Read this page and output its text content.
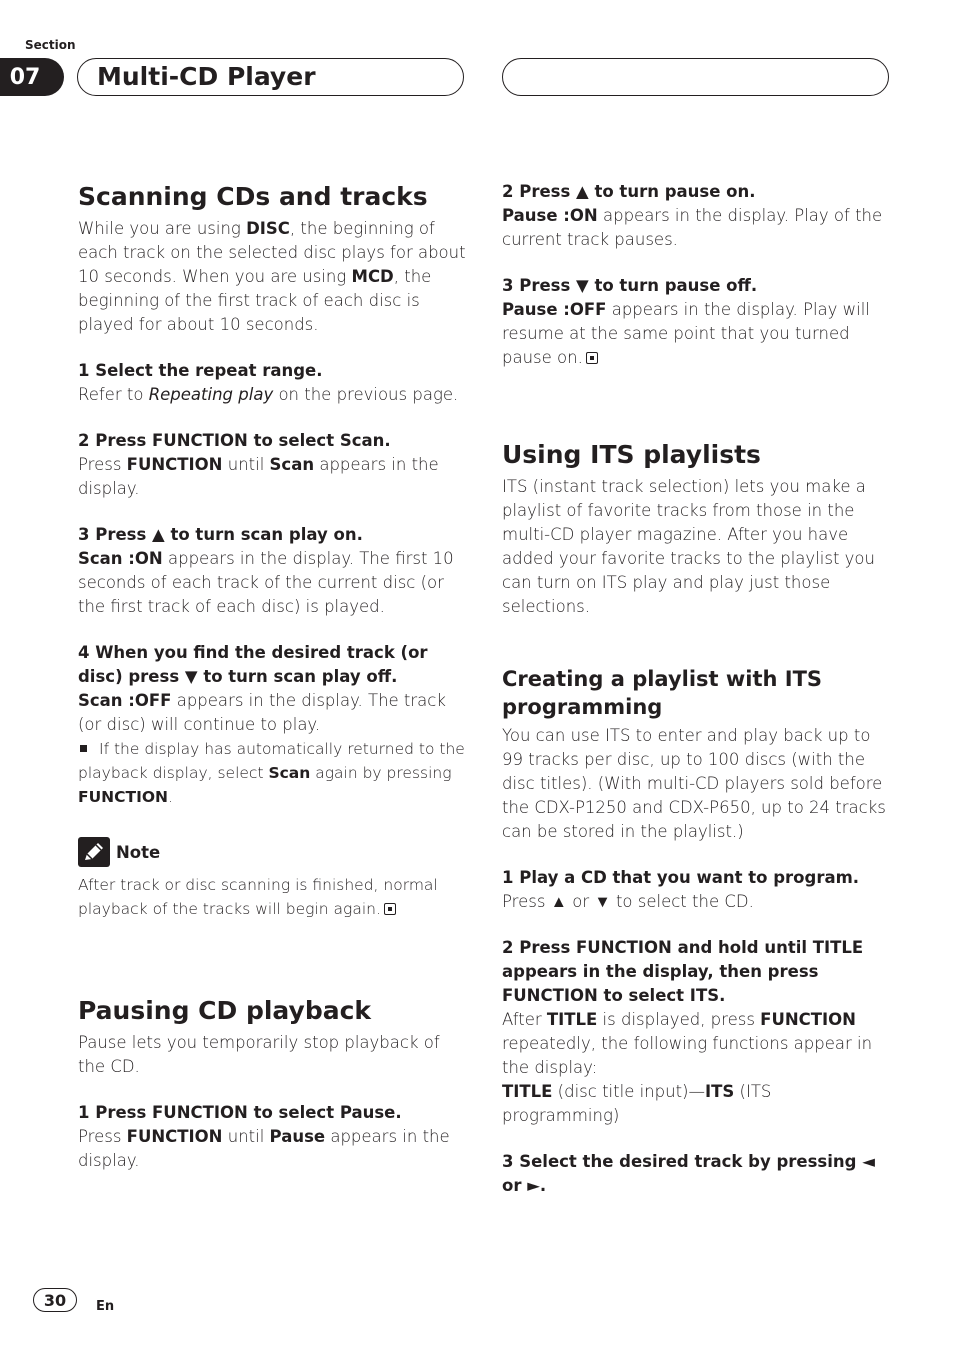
Section
07	Multi-CD Player
Scanning CDs and tracks

While you are using DISC, the beginning of each track on the selected disc plays for about 10 seconds. When you are using MCD, the beginning of the first track of each disc is played for about 10 seconds.

1 Select the repeat range.

Refer to Repeating play on the previous page.

2 Press FUNCTION to select Scan.

Press FUNCTION until Scan appears in the display.

3 Press ▲ to turn scan play on.

Scan :ON appears in the display. The first 10 seconds of each track of the current disc (or the first track of each disc) is played.

4 When you find the desired track (or disc) press ▼ to turn scan play off.

Scan :OFF appears in the display. The track (or disc) will continue to play.

If the display has automatically returned to the playback display, select Scan again by pressing FUNCTION.

Note

After track or disc scanning is finished, normal playback of the tracks will begin again.

Pausing CD playback

Pause lets you temporarily stop playback of the CD.

1 Press FUNCTION to select Pause.

Press FUNCTION until Pause appears in the display.

2 Press ▲ to turn pause on.

Pause :ON appears in the display. Play of the current track pauses.

3 Press ▼ to turn pause off.

Pause :OFF appears in the display. Play will resume at the same point that you turned pause on.

Using ITS playlists

ITS (instant track selection) lets you make a playlist of favorite tracks from those in the multi-CD player magazine. After you have added your favorite tracks to the playlist you can turn on ITS play and play just those selections.

Creating a playlist with ITS programming

You can use ITS to enter and play back up to 99 tracks per disc, up to 100 discs (with the disc titles). (With multi-CD players sold before the CDX-P1250 and CDX-P650, up to 24 tracks can be stored in the playlist.)

1 Play a CD that you want to program.

Press ▲ or ▼ to select the CD.

2 Press FUNCTION and hold until TITLE appears in the display, then press FUNCTION to select ITS.

After TITLE is displayed, press FUNCTION repeatedly, the following functions appear in the display:

TITLE (disc title input)—ITS (ITS programming)

3 Select the desired track by pressing ◄ or ►.
30	En
